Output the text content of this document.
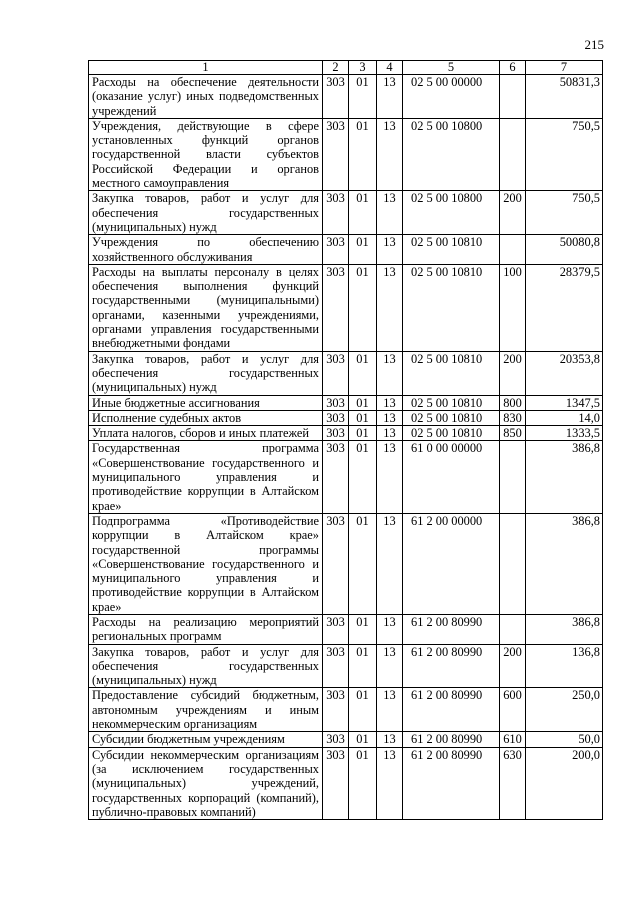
215
1	2	3	4	5	6	7
Расходы на обеспечение деятельности (оказание услуг) иных подведомственных учреждений	303	01	13	02 5 00 00000		50831,3
Учреждения, действующие в сфере установленных функций органов государственной власти субъектов Российской Федерации и органов местного самоуправления	303	01	13	02 5 00 10800		750,5
Закупка товаров, работ и услуг для обеспечения государственных (муниципальных) нужд	303	01	13	02 5 00 10800	200	750,5
Учреждения по обеспечению хозяйственного обслуживания	303	01	13	02 5 00 10810		50080,8
Расходы на выплаты персоналу в целях обеспечения выполнения функций государственными (муниципальными) органами, казенными учреждениями, органами управления государственными внебюджетными фондами	303	01	13	02 5 00 10810	100	28379,5
Закупка товаров, работ и услуг для обеспечения государственных (муниципальных) нужд	303	01	13	02 5 00 10810	200	20353,8
Иные бюджетные ассигнования	303	01	13	02 5 00 10810	800	1347,5
Исполнение судебных актов	303	01	13	02 5 00 10810	830	14,0
Уплата налогов, сборов и иных платежей	303	01	13	02 5 00 10810	850	1333,5
Государственная программа «Совершенствование государственного и муниципального управления и противодействие коррупции в Алтайском крае»	303	01	13	61 0 00 00000		386,8
Подпрограмма «Противодействие коррупции в Алтайском крае» государственной программы «Совершенствование государственного и муниципального управления и противодействие коррупции в Алтайском крае»	303	01	13	61 2 00 00000		386,8
Расходы на реализацию мероприятий региональных программ	303	01	13	61 2 00 80990		386,8
Закупка товаров, работ и услуг для обеспечения государственных (муниципальных) нужд	303	01	13	61 2 00 80990	200	136,8
Предоставление субсидий бюджетным, автономным учреждениям и иным некоммерческим организациям	303	01	13	61 2 00 80990	600	250,0
Субсидии бюджетным учреждениям	303	01	13	61 2 00 80990	610	50,0
Субсидии некоммерческим организациям (за исключением государственных (муниципальных) учреждений, государственных корпораций (компаний), публично-правовых компаний)	303	01	13	61 2 00 80990	630	200,0
